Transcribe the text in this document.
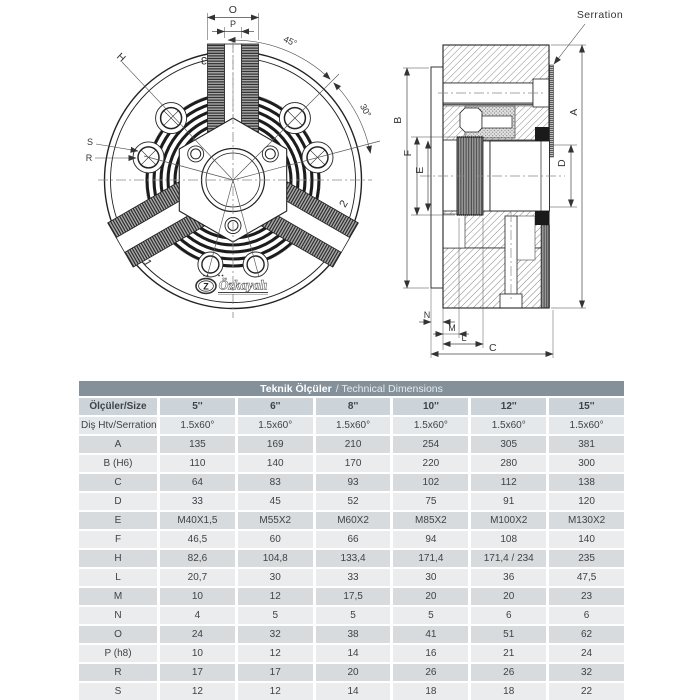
O
P
45°
30°
H
S
R
3
1
2
Z Özkayalı
Serration
A
B
F
E
D
N
M
L
C
Teknik Ölçüler / Technical Dimensions						
Ölçüler/Size	5''	6''	8''	10''	12''	15''
Diş Htv/Serration	1.5x60°	1.5x60°	1.5x60°	1.5x60°	1.5x60°	1.5x60°
A	135	169	210	254	305	381
B (H6)	110	140	170	220	280	300
C	64	83	93	102	112	138
D	33	45	52	75	91	120
E	M40X1,5	M55X2	M60X2	M85X2	M100X2	M130X2
F	46,5	60	66	94	108	140
H	82,6	104,8	133,4	171,4	171,4 / 234	235
L	20,7	30	33	30	36	47,5
M	10	12	17,5	20	20	23
N	4	5	5	5	6	6
O	24	32	38	41	51	62
P (h8)	10	12	14	16	21	24
R	17	17	20	26	26	32
S	12	12	14	18	18	22
